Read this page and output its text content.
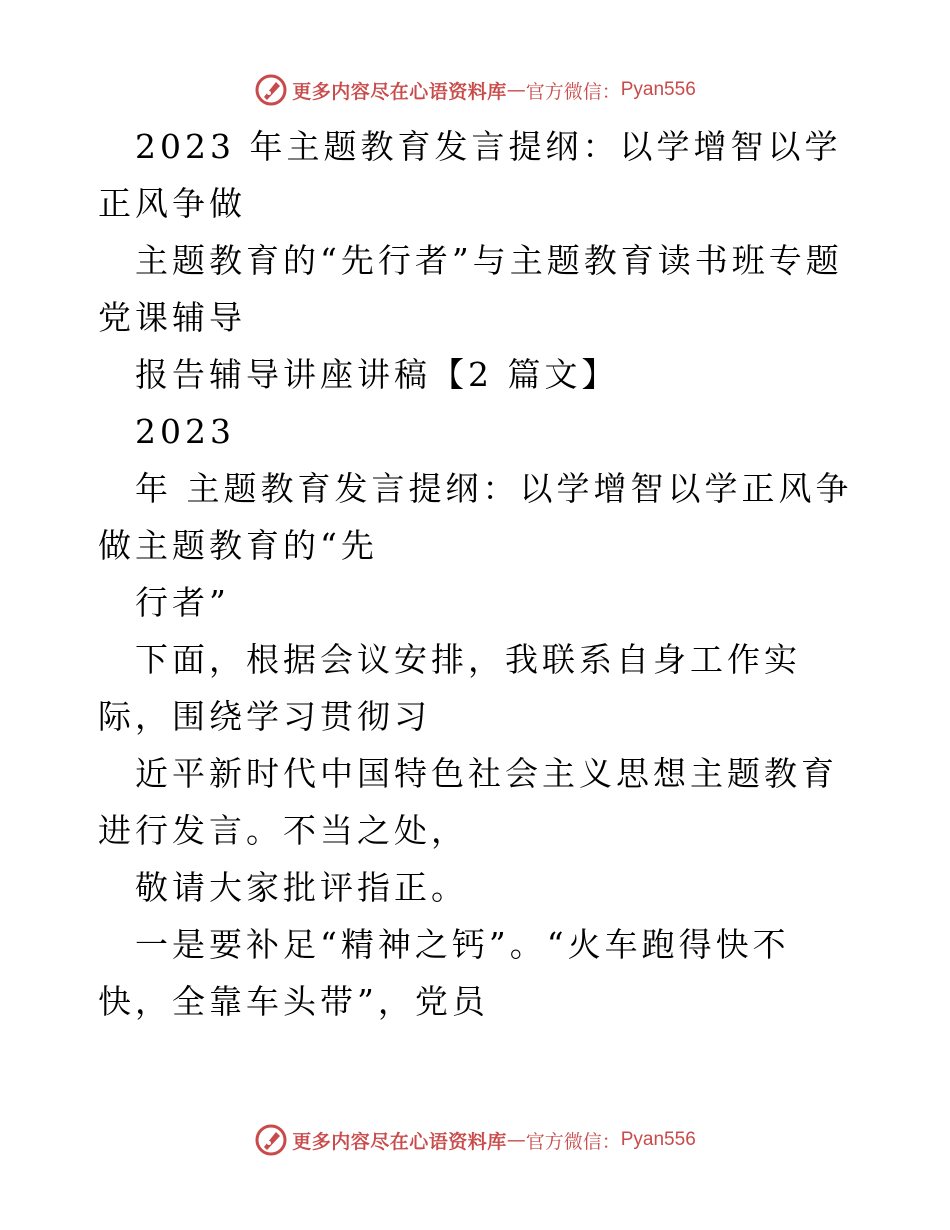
更多内容尽在心语资料库 — 官方微信： Pyan556

2023 年主题教育发言提纲：以学增智以学正风争做

主题教育的“先行者”与主题教育读书班专题党课辅导

报告辅导讲座讲稿【2 篇文】

2023

年 主题教育发言提纲：以学增智以学正风争做主题教育的“先

行者”

下面，根据会议安排，我联系自身工作实际，围绕学习贯彻习

近平新时代中国特色社会主义思想主题教育进行发言。不当之处，

敬请大家批评指正。

一是要补足“精神之钙”。“火车跑得快不快，全靠车头带”，党员

更多内容尽在心语资料库 — 官方微信： Pyan556
